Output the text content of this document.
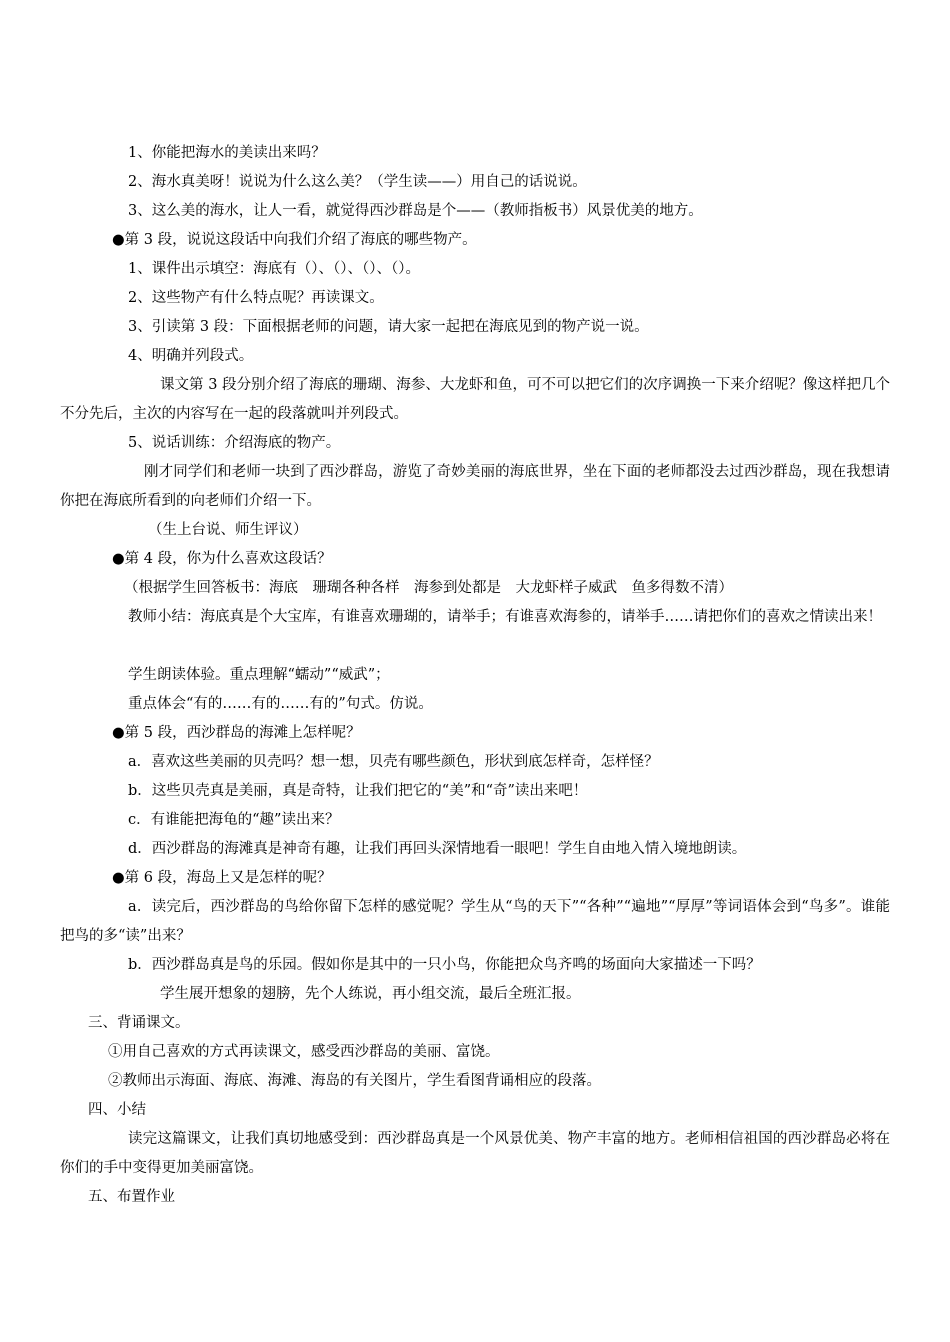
1、你能把海水的美读出来吗？

2、海水真美呀！说说为什么这么美？（学生读——）用自己的话说说。

3、这么美的海水，让人一看，就觉得西沙群岛是个——（教师指板书）风景优美的地方。

●第 3 段，说说这段话中向我们介绍了海底的哪些物产。

1、课件出示填空：海底有（）、（）、（）、（）。

2、这些物产有什么特点呢？再读课文。

3、引读第 3 段：下面根据老师的问题，请大家一起把在海底见到的物产说一说。

4、明确并列段式。

课文第 3 段分别介绍了海底的珊瑚、海参、大龙虾和鱼，可不可以把它们的次序调换一下来介绍呢？像这样把几个不分先后，主次的内容写在一起的段落就叫并列段式。

5、说话训练：介绍海底的物产。

刚才同学们和老师一块到了西沙群岛，游览了奇妙美丽的海底世界，坐在下面的老师都没去过西沙群岛，现在我想请你把在海底所看到的向老师们介绍一下。

（生上台说、师生评议）

●第 4 段，你为什么喜欢这段话？

（根据学生回答板书：海底　珊瑚各种各样　海参到处都是　大龙虾样子威武　鱼多得数不清）

教师小结：海底真是个大宝库，有谁喜欢珊瑚的，请举手；有谁喜欢海参的，请举手……请把你们的喜欢之情读出来！

学生朗读体验。重点理解“蠕动”“威武”；

重点体会“有的……有的……有的”句式。仿说。

●第 5 段，西沙群岛的海滩上怎样呢？

a．喜欢这些美丽的贝壳吗？想一想，贝壳有哪些颜色，形状到底怎样奇，怎样怪？

b．这些贝壳真是美丽，真是奇特，让我们把它的“美”和“奇”读出来吧！

c．有谁能把海龟的“趣”读出来？

d．西沙群岛的海滩真是神奇有趣，让我们再回头深情地看一眼吧！学生自由地入情入境地朗读。

●第 6 段，海岛上又是怎样的呢？

a．读完后，西沙群岛的鸟给你留下怎样的感觉呢？学生从“鸟的天下”“各种”“遍地”“厚厚”等词语体会到“鸟多”。谁能把鸟的多“读”出来？

b．西沙群岛真是鸟的乐园。假如你是其中的一只小鸟，你能把众鸟齐鸣的场面向大家描述一下吗？

学生展开想象的翅膀，先个人练说，再小组交流，最后全班汇报。

三、背诵课文。

①用自己喜欢的方式再读课文，感受西沙群岛的美丽、富饶。

②教师出示海面、海底、海滩、海岛的有关图片，学生看图背诵相应的段落。

四、小结

读完这篇课文，让我们真切地感受到：西沙群岛真是一个风景优美、物产丰富的地方。老师相信祖国的西沙群岛必将在你们的手中变得更加美丽富饶。

五、布置作业
